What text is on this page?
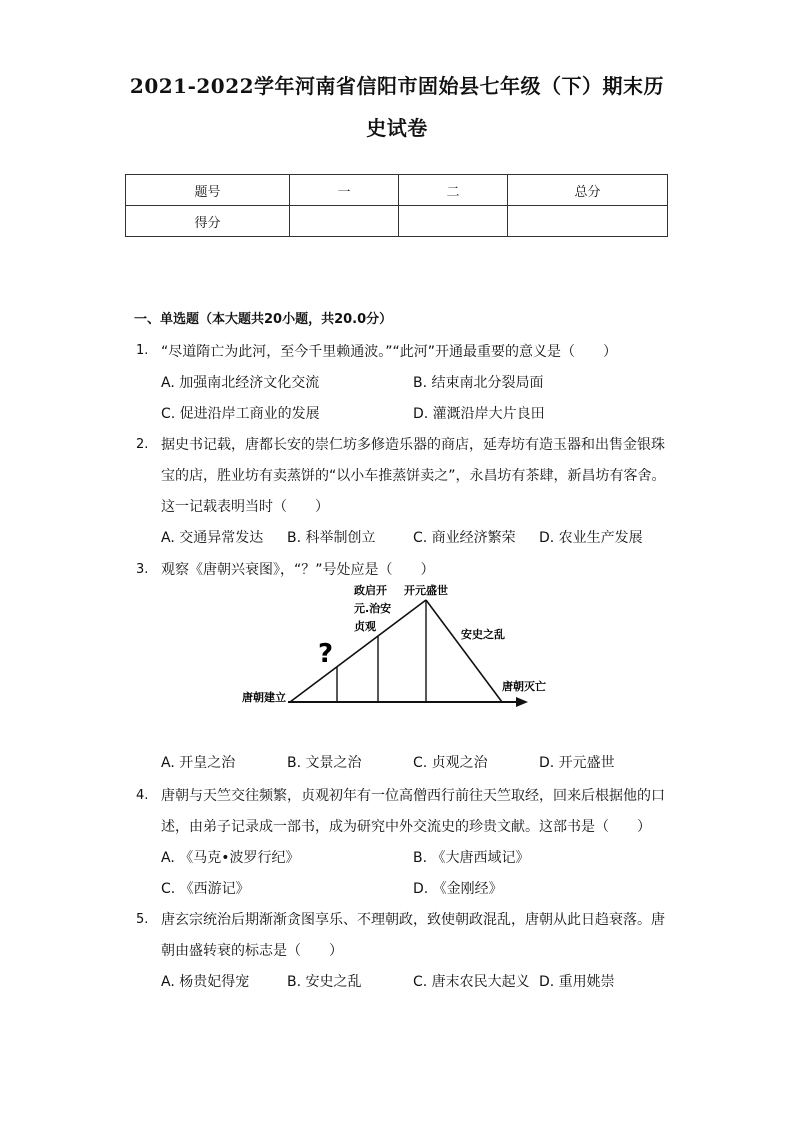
2021-2022学年河南省信阳市固始县七年级（下）期末历
史试卷
题号	一	二	总分
得分			
一、单选题（本大题共20小题，共20.0分）
1. “尽道隋亡为此河，至今千里赖通波。”“此河”开通最重要的意义是（　　）
A. 加强南北经济文化交流	B. 结束南北分裂局面
C. 促进沿岸工商业的发展	D. 灌溉沿岸大片良田
2. 据史书记载，唐都长安的崇仁坊多修造乐器的商店，延寿坊有造玉器和出售金银珠
宝的店，胜业坊有卖蒸饼的“以小车推蒸饼卖之”，永昌坊有茶肆，新昌坊有客舍。
这一记载表明当时（　　）
A. 交通异常发达 B. 科举制创立	C. 商业经济繁荣 D. 农业生产发展
3. 观察《唐朝兴衰图》，“？”号处应是（　　）
唐朝建立
?
政启开
元.治安
贞观
开元盛世
安史之乱
唐朝灭亡
A. 开皇之治	B. 文景之治	C. 贞观之治	D. 开元盛世
4. 唐朝与天竺交往频繁，贞观初年有一位高僧西行前往天竺取经，回来后根据他的口
述，由弟子记录成一部书，成为研究中外交流史的珍贵文献。这部书是（　　）
A. 《马克•波罗行纪》	B. 《大唐西域记》
C. 《西游记》	D. 《金刚经》
5. 唐玄宗统治后期渐渐贪图享乐、不理朝政，致使朝政混乱，唐朝从此日趋衰落。唐
朝由盛转衰的标志是（　　）
A. 杨贵妃得宠	B. 安史之乱	C. 唐末农民大起义 D. 重用姚崇
